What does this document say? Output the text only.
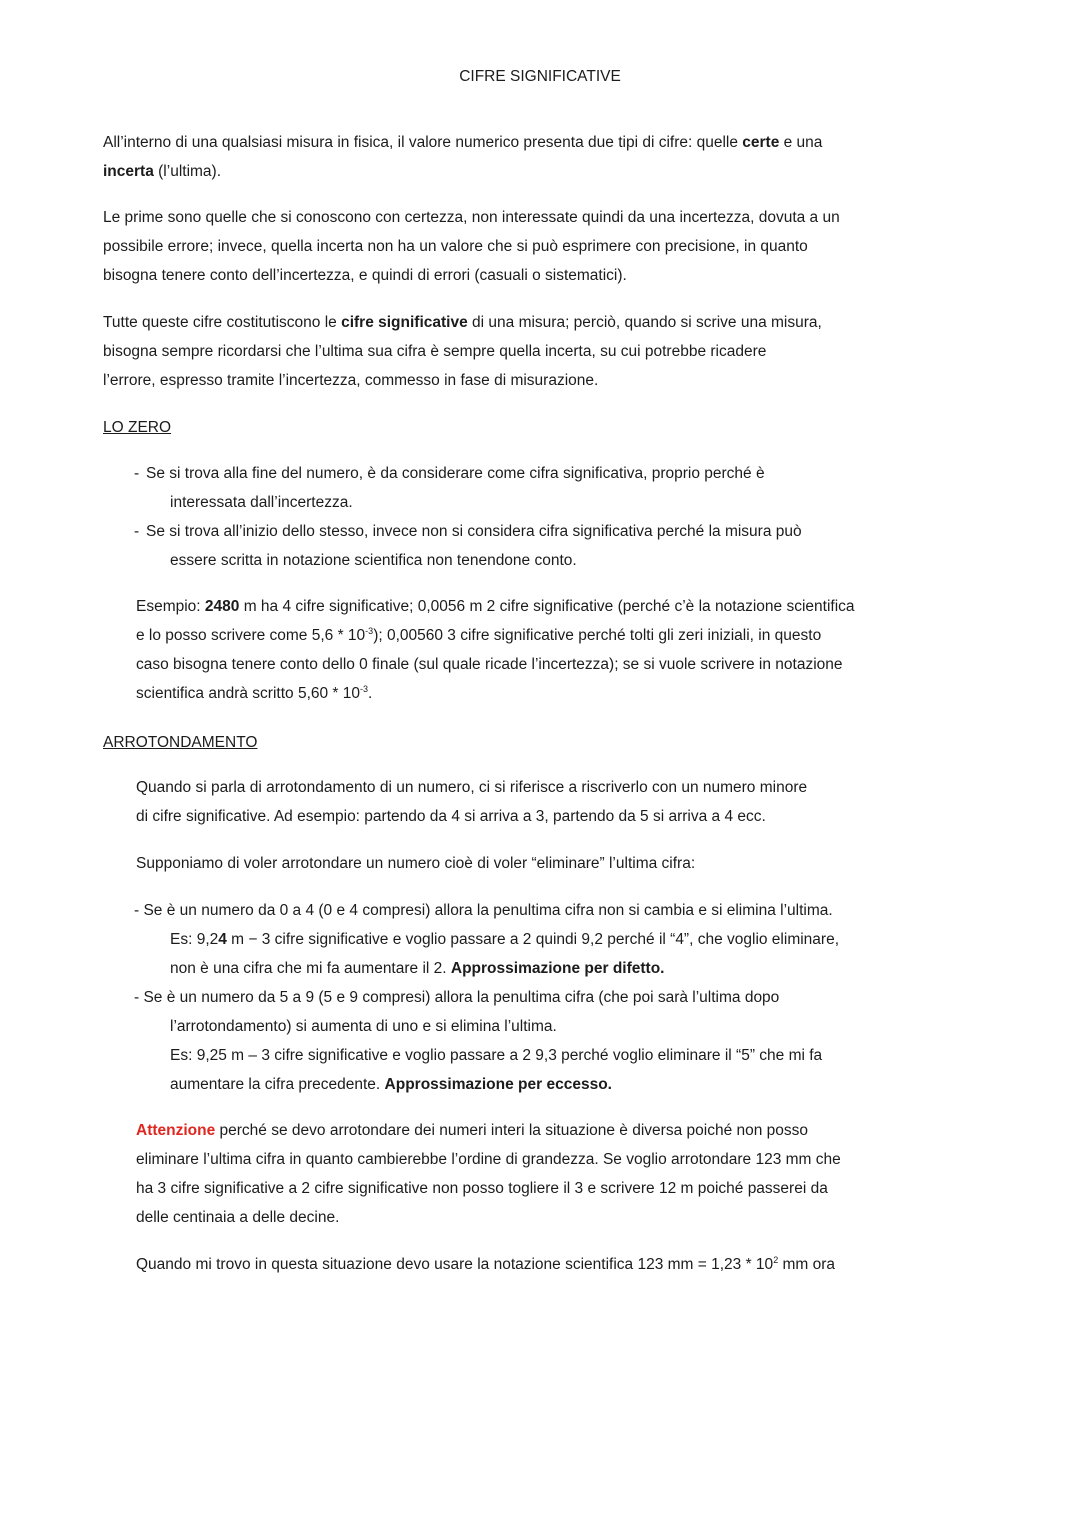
CIFRE SIGNIFICATIVE
All’interno di una qualsiasi misura in fisica, il valore numerico presenta due tipi di cifre: quelle certe e una
incerta (l’ultima).
Le prime sono quelle che si conoscono con certezza, non interessate quindi da una incertezza, dovuta a un
possibile errore; invece, quella incerta non ha un valore che si può esprimere con precisione, in quanto
bisogna tenere conto dell’incertezza, e quindi di errori (casuali o sistematici).
Tutte queste cifre costitutiscono le cifre significative di una misura; perciò, quando si scrive una misura,
bisogna sempre ricordarsi che l’ultima sua cifra è sempre quella incerta, su cui potrebbe ricadere
l’errore, espresso tramite l’incertezza, commesso in fase di misurazione.
LO ZERO
- Se si trova alla fine del numero, è da considerare come cifra significativa, proprio perché è
interessata dall’incertezza.
- Se si trova all’inizio dello stesso, invece non si considera cifra significativa perché la misura può
essere scritta in notazione scientifica non tenendone conto.
Esempio: 2480 m ha 4 cifre significative; 0,0056 m 2 cifre significative (perché c’è la notazione scientifica
e lo posso scrivere come $5,6 * 10^{-3}$); 0,00560 3 cifre significative perché tolti gli zeri iniziali, in questo
caso bisogna tenere conto dello 0 finale (sul quale ricade l’incertezza); se si vuole scrivere in notazione
scientifica andrà scritto $5,60 * 10^{-3}$.
ARROTONDAMENTO
Quando si parla di arrotondamento di un numero, ci si riferisce a riscriverlo con un numero minore
di cifre significative. Ad esempio: partendo da 4 si arriva a 3, partendo da 5 si arriva a 4 ecc.
Supponiamo di voler arrotondare un numero cioè di voler “eliminare” l’ultima cifra:
- Se è un numero da 0 a 4 (0 e 4 compresi) allora la penultima cifra non si cambia e si elimina l’ultima.
Es: 9,24 m − 3 cifre significative e voglio passare a 2 quindi 9,2 perché il “4”, che voglio eliminare,
non è una cifra che mi fa aumentare il 2. Approssimazione per difetto.
- Se è un numero da 5 a 9 (5 e 9 compresi) allora la penultima cifra (che poi sarà l’ultima dopo
l’arrotondamento) si aumenta di uno e si elimina l’ultima.
Es: 9,25 m – 3 cifre significative e voglio passare a 2 9,3 perché voglio eliminare il “5” che mi fa
aumentare la cifra precedente. Approssimazione per eccesso.
Attenzione perché se devo arrotondare dei numeri interi la situazione è diversa poiché non posso
eliminare l’ultima cifra in quanto cambierebbe l’ordine di grandezza. Se voglio arrotondare 123 mm che
ha 3 cifre significative a 2 cifre significative non posso togliere il 3 e scrivere 12 m poiché passerei da
delle centinaia a delle decine.
Quando mi trovo in questa situazione devo usare la notazione scientifica 123 mm = $1,23 * 10^2$ mm ora
